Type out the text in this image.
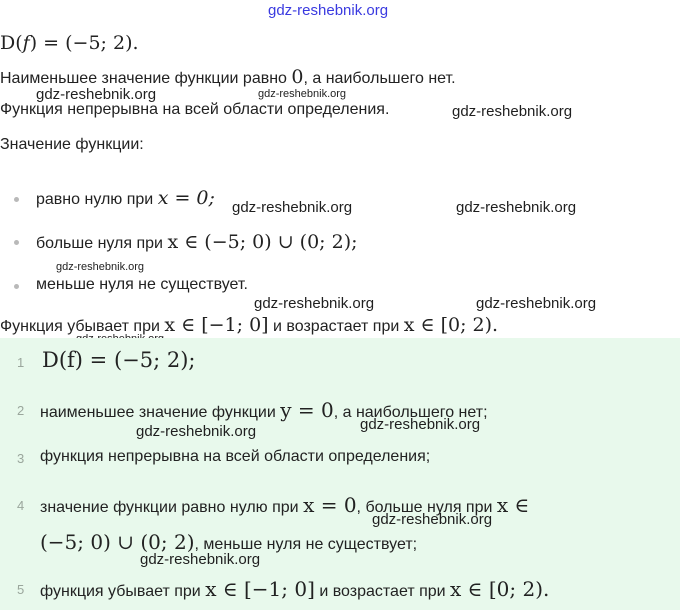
gdz-reshebnik.org
D(f) = (−5; 2).
Наименьшее значение функции равно 0, а наибольшего нет.
gdz-reshebnik.org	gdz-reshebnik.org
Функция непрерывна на всей области определения.	gdz-reshebnik.org
Значение функции:
равно нулю при x = 0; gdz-reshebnik.org	gdz-reshebnik.org
больше нуля при x ∈ (−5; 0) ∪ (0; 2);
gdz-reshebnik.org
меньше нуля не существует.
gdz-reshebnik.org	gdz-reshebnik.org
Функция убывает при x ∈ [−1; 0] и возрастает при x ∈ [0; 2).
1 D(f) = (−5; 2);
2 наименьшее значение функции y = 0, а наибольшего нет;
gdz-reshebnik.org	gdz-reshebnik.org
3 функция непрерывна на всей области определения;
4 значение функции равно нулю при x = 0, больше нуля при x ∈
gdz-reshebnik.org
(−5; 0) ∪ (0; 2), меньше нуля не существует;
gdz-reshebnik.org
5 функция убывает при x ∈ [−1; 0] и возрастает при x ∈ [0; 2).
